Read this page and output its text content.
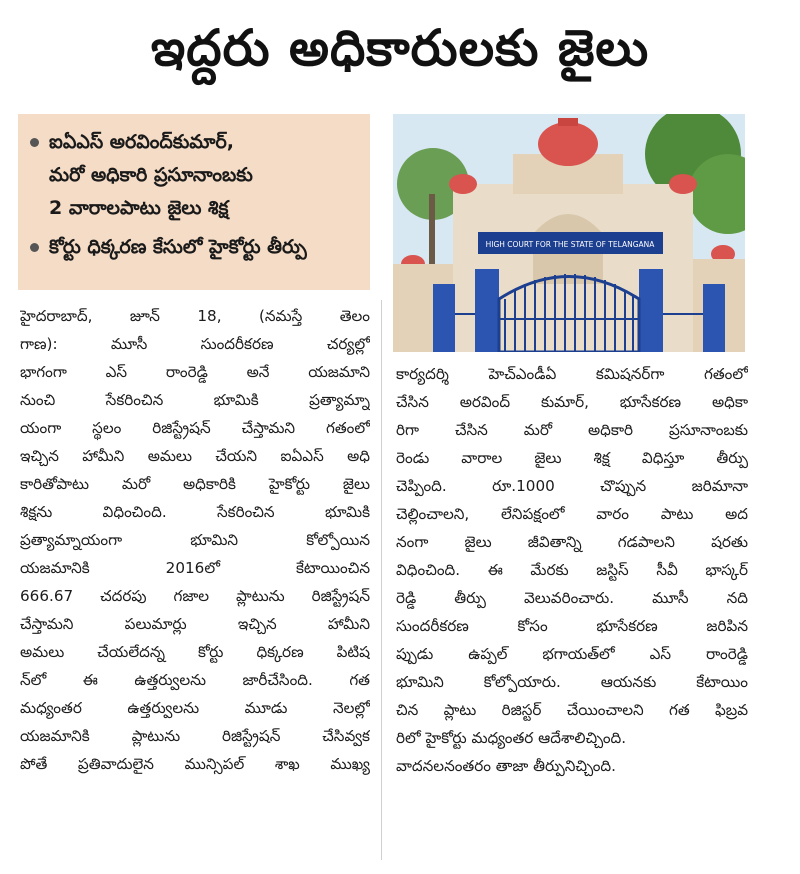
ఇద్దరు అధికారులకు జైలు
ఐఏఎస్ అరవింద్‌కుమార్,
మరో అధికారి ప్రసూనాంబకు
2 వారాలపాటు జైలు శిక్ష
కోర్టు ధిక్కరణ కేసులో హైకోర్టు తీర్పు	HIGH COURT FOR THE STATE OF TELANGANA
హైదరాబాద్, జూన్ 18, (నమస్తే తెలం
గాణ): మూసీ సుందరీకరణ చర్యల్లో
భాగంగా ఎస్ రాంరెడ్డి అనే యజమాని
నుంచి సేకరించిన భూమికి ప్రత్యామ్నా
యంగా స్థలం రిజిస్ట్రేషన్ చేస్తామని గతంలో
ఇచ్చిన హామీని అమలు చేయని ఐఏఎస్ అధి
కారితోపాటు మరో అధికారికి హైకోర్టు జైలు
శిక్షను విధించింది. సేకరించిన భూమికి
ప్రత్యామ్నాయంగా భూమిని కోల్పోయిన
యజమానికి 2016లో కేటాయించిన
666.67 చదరపు గజాల ప్లాటును రిజిస్ట్రేషన్
చేస్తామని పలుమార్లు ఇచ్చిన హామీని
అమలు చేయలేదన్న కోర్టు ధిక్కరణ పిటిష
న్‌లో ఈ ఉత్తర్వులను జారీచేసింది. గత
మధ్యంతర ఉత్తర్వులను మూడు నెలల్లో
యజమానికి ప్లాటును రిజిస్ట్రేషన్ చేసివ్వక
పోతే ప్రతివాదులైన మున్సిపల్ శాఖ ముఖ్య
కార్యదర్శి హెచ్‌ఎండీఏ కమిషనర్‌గా గతంలో
చేసిన అరవింద్ కుమార్, భూసేకరణ అధికా
రిగా చేసిన మరో అధికారి ప్రసూనాంబకు
రెండు వారాల జైలు శిక్ష విధిస్తూ తీర్పు
చెప్పింది. రూ.1000 చొప్పున జరిమానా
చెల్లించాలని, లేనిపక్షంలో వారం పాటు అద
నంగా జైలు జీవితాన్ని గడపాలని షరతు
విధించింది. ఈ మేరకు జస్టిస్ సీవీ భాస్కర్
రెడ్డి తీర్పు వెలువరించారు. మూసీ నది
సుందరీకరణ కోసం భూసేకరణ జరిపిన
ప్పుడు ఉప్పల్ భగాయత్‌లో ఎస్ రాంరెడ్డి
భూమిని కోల్పోయారు. ఆయనకు కేటాయిం
చిన ప్లాటు రిజిస్టర్ చేయించాలని గత ఫిబ్రవ
రిలో హైకోర్టు మధ్యంతర ఆదేశాలిచ్చింది.
వాదనలనంతరం తాజా తీర్పునిచ్చింది.
